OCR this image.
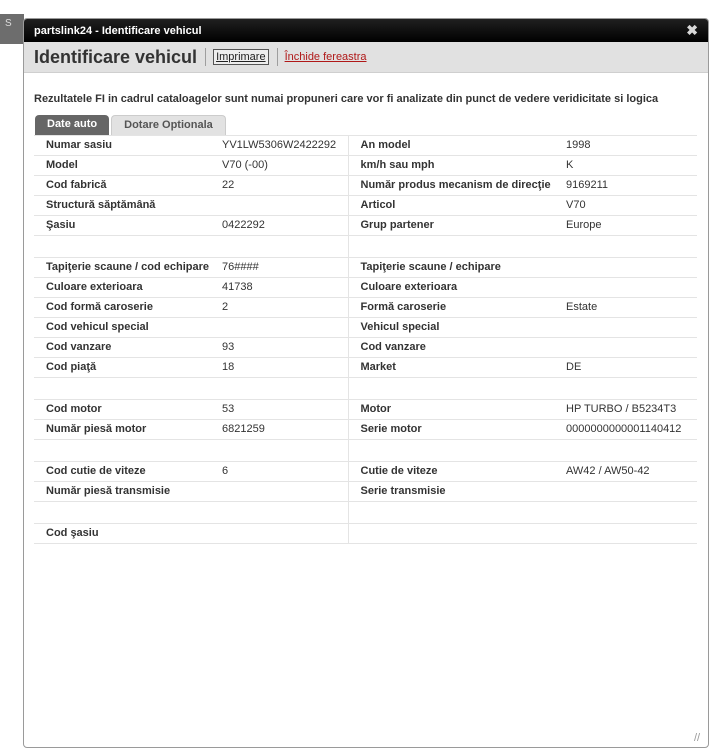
S
partslink24 - Identificare vehicul	✖
Identificare vehicul Imprimare Închide fereastra
Rezultatele FI in cadrul cataloagelor sunt numai propuneri care vor fi analizate din punct de vedere veridicitate si logica
Date auto	Dotare Optionala
Numar sasiu	YV1LW5306W2422292	An model	1998
Model	V70 (-00)	km/h sau mph	K
Cod fabrică	22	Număr produs mecanism de direcţie	9169211
Structură săptămână		Articol	V70
Şasiu	0422292	Grup partener	Europe

Tapiţerie scaune / cod echipare	76####	Tapiţerie scaune / echipare	
Culoare exterioara	41738	Culoare exterioara	
Cod formă caroserie	2	Formă caroserie	Estate
Cod vehicul special		Vehicul special	
Cod vanzare	93	Cod vanzare	
Cod piaţă	18	Market	DE

Cod motor	53	Motor	HP TURBO / B5234T3
Număr piesă motor	6821259	Serie motor	0000000000001140412

Cod cutie de viteze	6	Cutie de viteze	AW42 / AW50-42
Număr piesă transmisie		Serie transmisie	

Cod şasiu			
//
